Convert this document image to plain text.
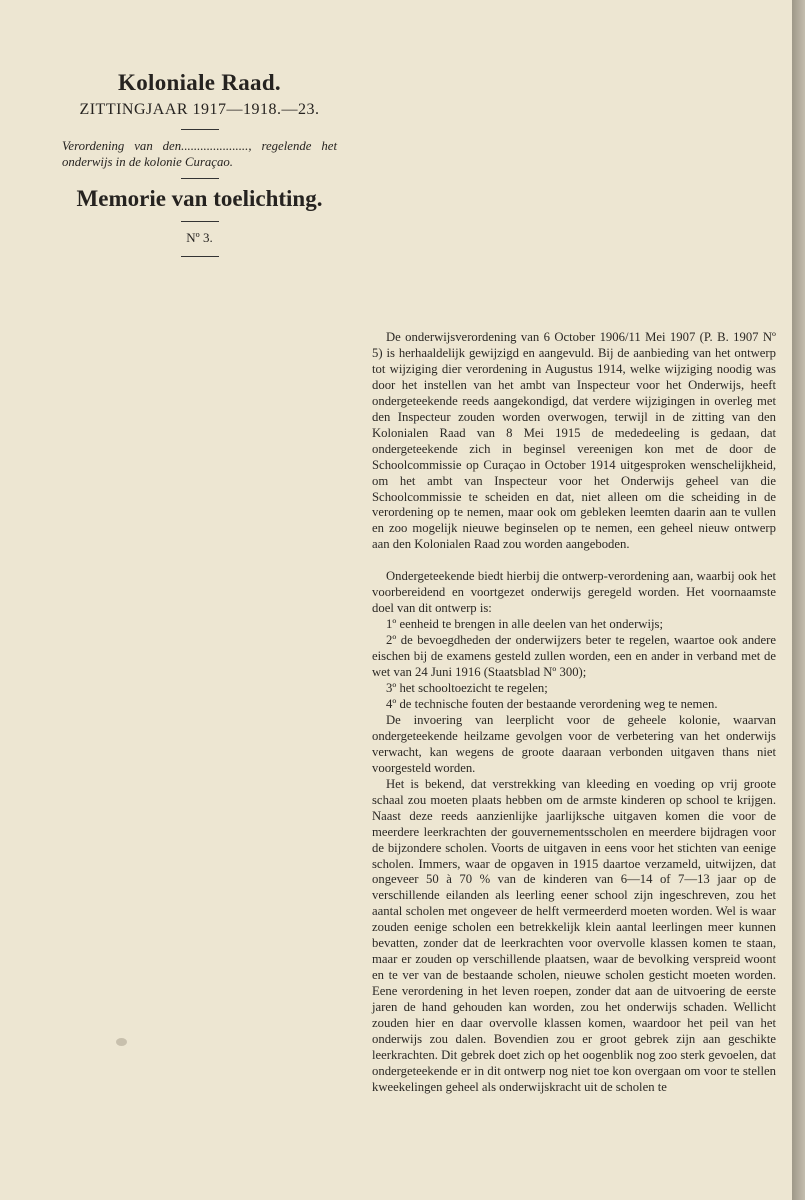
Koloniale Raad.
ZITTINGJAAR 1917—1918.—23.
Verordening van den....................., regelende het onderwijs in de kolonie Curaçao.
Memorie van toelichting.
Nº 3.

De onderwijsverordening van 6 October 1906/11 Mei 1907 (P. B. 1907 Nº 5) is herhaaldelijk gewijzigd en aangevuld. Bij de aanbieding van het ontwerp tot wijziging dier verordening in Augustus 1914, welke wijziging noodig was door het instellen van het ambt van Inspecteur voor het Onderwijs, heeft ondergeteekende reeds aangekondigd, dat verdere wijzigingen in overleg met den Inspecteur zouden worden overwogen, terwijl in de zitting van den Kolonialen Raad van 8 Mei 1915 de mededeeling is gedaan, dat ondergeteekende zich in beginsel vereenigen kon met de door de Schoolcommissie op Curaçao in October 1914 uitgesproken wenschelijkheid, om het ambt van Inspecteur voor het Onderwijs geheel van die Schoolcommissie te scheiden en dat, niet alleen om die scheiding in de verordening op te nemen, maar ook om gebleken leemten daarin aan te vullen en zoo mogelijk nieuwe beginselen op te nemen, een geheel nieuw ontwerp aan den Kolonialen Raad zou worden aangeboden.

Ondergeteekende biedt hierbij die ontwerp-verordening aan, waarbij ook het voorbereidend en voortgezet onderwijs geregeld worden. Het voornaamste doel van dit ontwerp is:

1º eenheid te brengen in alle deelen van het onderwijs;

2º de bevoegdheden der onderwijzers beter te regelen, waartoe ook andere eischen bij de examens gesteld zullen worden, een en ander in verband met de wet van 24 Juni 1916 (Staatsblad Nº 300);

3º het schooltoezicht te regelen;

4º de technische fouten der bestaande verordening weg te nemen.

De invoering van leerplicht voor de geheele kolonie, waarvan ondergeteekende heilzame gevolgen voor de verbetering van het onderwijs verwacht, kan wegens de groote daaraan verbonden uitgaven thans niet voorgesteld worden.

Het is bekend, dat verstrekking van kleeding en voeding op vrij groote schaal zou moeten plaats hebben om de armste kinderen op school te krijgen. Naast deze reeds aanzienlijke jaarlijksche uitgaven komen die voor de meerdere leerkrachten der gouvernementsscholen en meerdere bijdragen voor de bijzondere scholen. Voorts de uitgaven in eens voor het stichten van eenige scholen. Immers, waar de opgaven in 1915 daartoe verzameld, uitwijzen, dat ongeveer 50 à 70 % van de kinderen van 6—14 of 7—13 jaar op de verschillende eilanden als leerling eener school zijn ingeschreven, zou het aantal scholen met ongeveer de helft vermeerderd moeten worden. Wel is waar zouden eenige scholen een betrekkelijk klein aantal leerlingen meer kunnen bevatten, zonder dat de leerkrachten voor overvolle klassen komen te staan, maar er zouden op verschillende plaatsen, waar de bevolking verspreid woont en te ver van de bestaande scholen, nieuwe scholen gesticht moeten worden. Eene verordening in het leven roepen, zonder dat aan de uitvoering de eerste jaren de hand gehouden kan worden, zou het onderwijs schaden. Wellicht zouden hier en daar overvolle klassen komen, waardoor het peil van het onderwijs zou dalen. Bovendien zou er groot gebrek zijn aan geschikte leerkrachten. Dit gebrek doet zich op het oogenblik nog zoo sterk gevoelen, dat ondergeteekende er in dit ontwerp nog niet toe kon overgaan om voor te stellen kweekelingen geheel als onderwijskracht uit de scholen te
